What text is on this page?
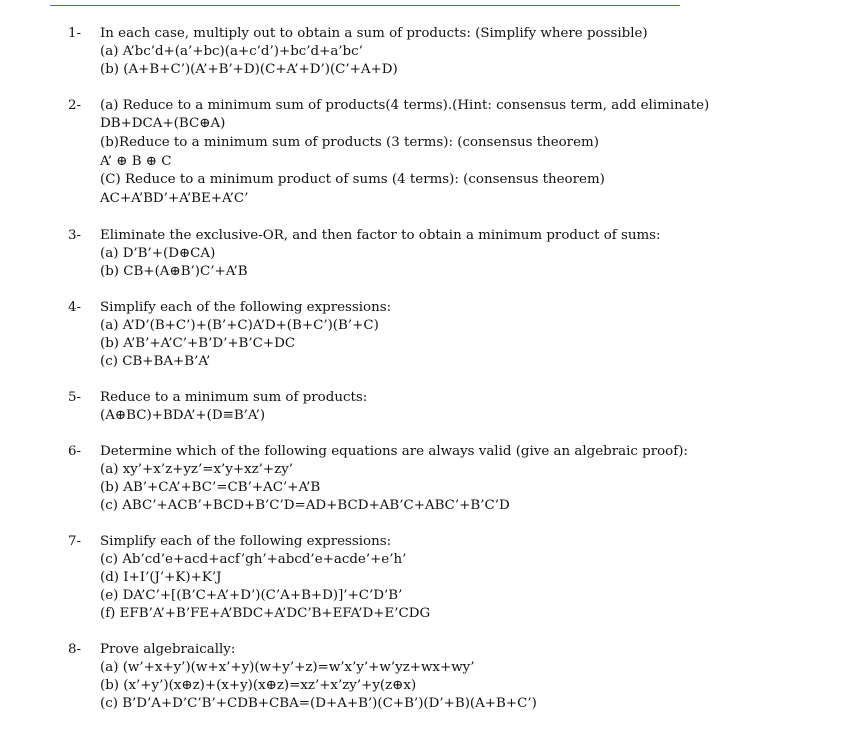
1-	In each case, multiply out to obtain a sum of products: (Simplify where possible)
(a) A’bc’d+(a’+bc)(a+c’d’)+bc’d+a’bc’
(b) (A+B+C’)(A’+B’+D)(C+A’+D’)(C’+A+D)
2-	(a) Reduce to a minimum sum of products(4 terms).(Hint: consensus term, add eliminate)
DB+DCA+(BC⊕A)
(b)Reduce to a minimum sum of products (3 terms): (consensus theorem)
A’ ⊕ B ⊕ C
(C) Reduce to a minimum product of sums (4 terms): (consensus theorem)
AC+A’BD’+A’BE+A’C’
3-	Eliminate the exclusive-OR, and then factor to obtain a minimum product of sums:
(a) D’B’+(D⊕CA)
(b) CB+(A⊕B’)C’+A’B
4-	Simplify each of the following expressions:
(a) A’D’(B+C’)+(B’+C)A’D+(B+C’)(B’+C)
(b) A’B’+A’C’+B’D’+B’C+DC
(c) CB+BA+B’A’
5-	Reduce to a minimum sum of products:
(A⊕BC)+BDA’+(D≡B’A’)
6-	Determine which of the following equations are always valid (give an algebraic proof):
(a) xy’+x’z+yz’=x’y+xz’+zy’
(b) AB’+CA’+BC’=CB’+AC’+A’B
(c) ABC’+ACB’+BCD+B’C’D=AD+BCD+AB’C+ABC’+B’C’D
7-	Simplify each of the following expressions:
(c) Ab’cd’e+acd+acf’gh’+abcd’e+acde’+e’h’
(d) I+I’(J’+K)+K’J
(e) DA’C’+[(B’C+A’+D’)(C’A+B+D)]’+C’D’B’
(f) EFB’A’+B’FE+A’BDC+A’DC’B+EFA’D+E’CDG
8-	Prove algebraically:
(a) (w’+x+y’)(w+x’+y)(w+y’+z)=w’x’y’+w’yz+wx+wy’
(b) (x’+y’)(x⊕z)+(x+y)(x⊕z)=xz’+x’zy’+y(z⊕x)
(c) B’D’A+D’C’B’+CDB+CBA=(D+A+B’)(C+B’)(D’+B)(A+B+C’)
